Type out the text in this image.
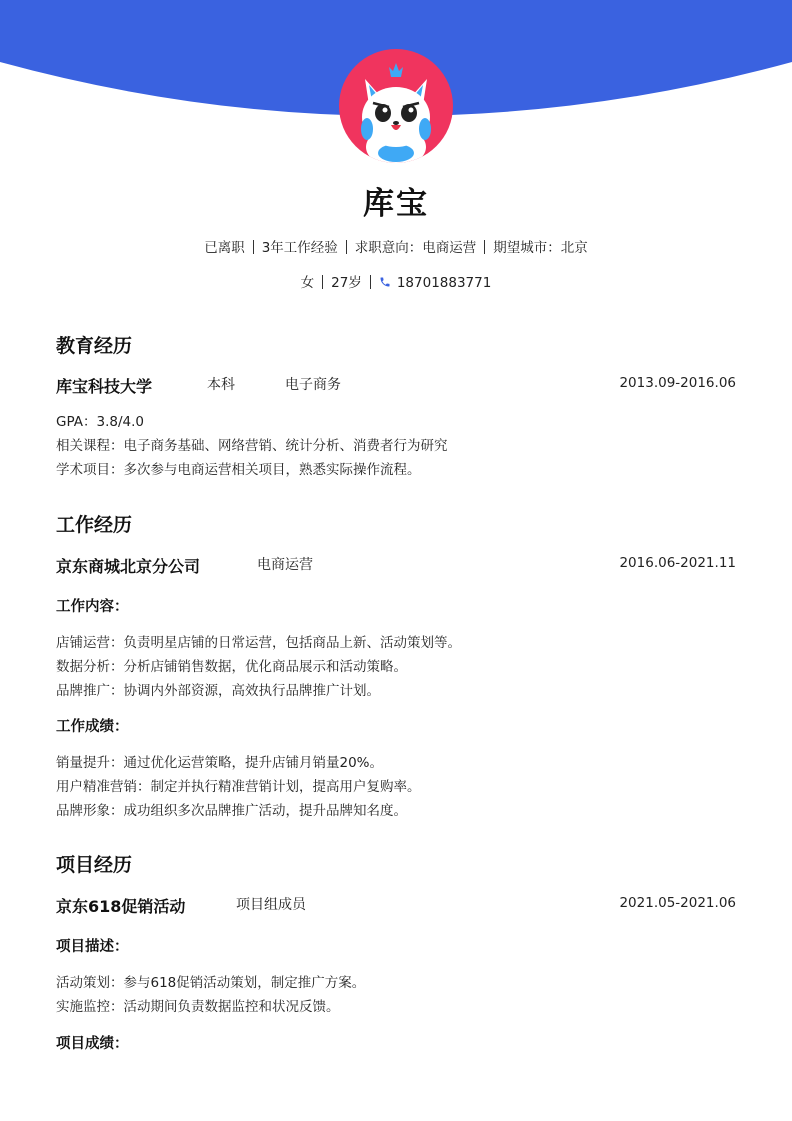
库宝
已离职 3年工作经验 求职意向：电商运营 期望城市：北京
女 27岁	18701883771
教育经历
库宝科技大学	本科	电子商务	2013.09-2016.06
GPA：3.8/4.0
相关课程：电子商务基础、网络营销、统计分析、消费者行为研究
学术项目：多次参与电商运营相关项目，熟悉实际操作流程。
工作经历
京东商城北京分公司	电商运营	2016.06-2021.11
工作内容：
店铺运营：负责明星店铺的日常运营，包括商品上新、活动策划等。
数据分析：分析店铺销售数据，优化商品展示和活动策略。
品牌推广：协调内外部资源，高效执行品牌推广计划。
工作成绩：
销量提升：通过优化运营策略，提升店铺月销量20%。
用户精准营销：制定并执行精准营销计划，提高用户复购率。
品牌形象：成功组织多次品牌推广活动，提升品牌知名度。
项目经历
京东618促销活动	项目组成员	2021.05-2021.06
项目描述：
活动策划：参与618促销活动策划，制定推广方案。
实施监控：活动期间负责数据监控和状况反馈。
项目成绩：
